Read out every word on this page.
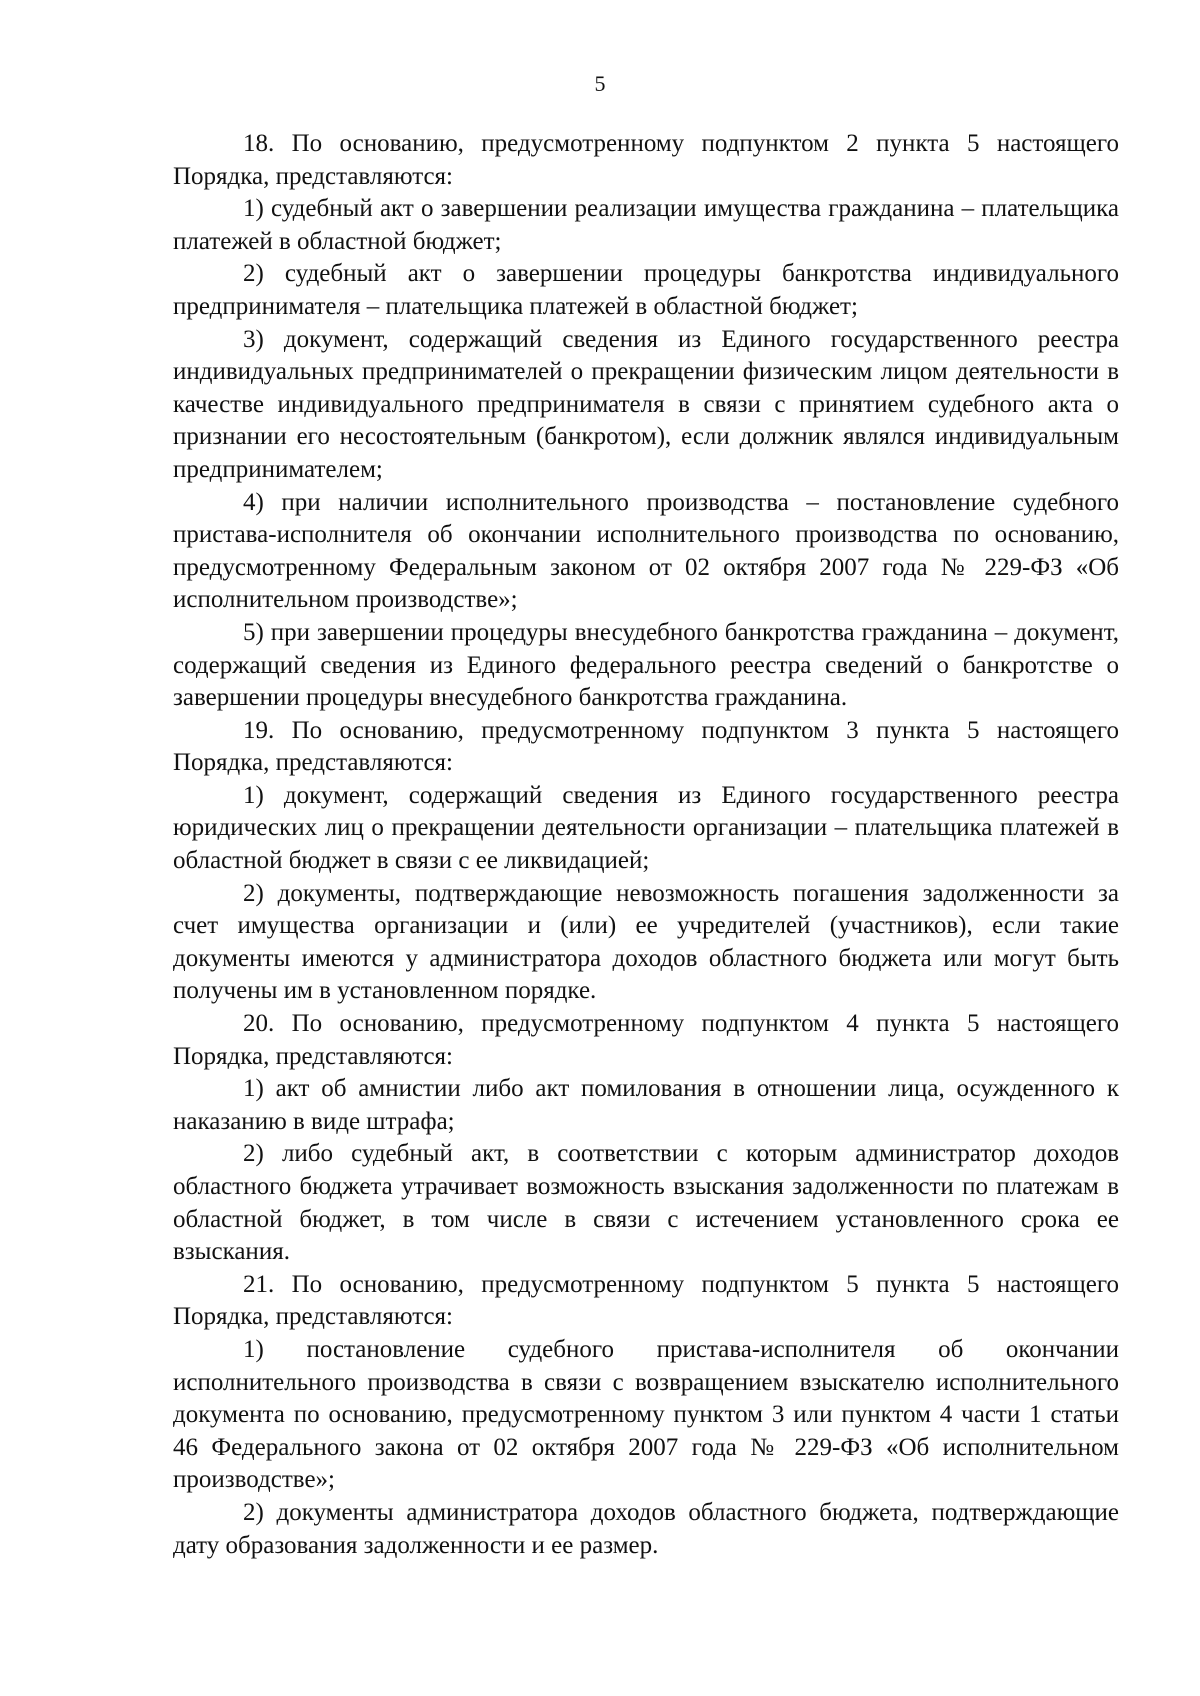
5

18. По основанию, предусмотренному подпунктом 2 пункта 5 настоящего Порядка, представляются:

1) судебный акт о завершении реализации имущества гражданина – плательщика платежей в областной бюджет;

2) судебный акт о завершении процедуры банкротства индивидуального предпринимателя – плательщика платежей в областной бюджет;

3) документ, содержащий сведения из Единого государственного реестра индивидуальных предпринимателей о прекращении физическим лицом деятельности в качестве индивидуального предпринимателя в связи с принятием судебного акта о признании его несостоятельным (банкротом), если должник являлся индивидуальным предпринимателем;

4) при наличии исполнительного производства – постановление судебного пристава-исполнителя об окончании исполнительного производства по основанию, предусмотренному Федеральным законом от 02 октября 2007 года № 229-ФЗ «Об исполнительном производстве»;

5) при завершении процедуры внесудебного банкротства гражданина – документ, содержащий сведения из Единого федерального реестра сведений о банкротстве о завершении процедуры внесудебного банкротства гражданина.

19. По основанию, предусмотренному подпунктом 3 пункта 5 настоящего Порядка, представляются:

1) документ, содержащий сведения из Единого государственного реестра юридических лиц о прекращении деятельности организации – плательщика платежей в областной бюджет в связи с ее ликвидацией;

2) документы, подтверждающие невозможность погашения задолженности за счет имущества организации и (или) ее учредителей (участников), если такие документы имеются у администратора доходов областного бюджета или могут быть получены им в установленном порядке.

20. По основанию, предусмотренному подпунктом 4 пункта 5 настоящего Порядка, представляются:

1) акт об амнистии либо акт помилования в отношении лица, осужденного к наказанию в виде штрафа;

2) либо судебный акт, в соответствии с которым администратор доходов областного бюджета утрачивает возможность взыскания задолженности по платежам в областной бюджет, в том числе в связи с истечением установленного срока ее взыскания.

21. По основанию, предусмотренному подпунктом 5 пункта 5 настоящего Порядка, представляются:

1) постановление судебного пристава-исполнителя об окончании исполнительного производства в связи с возвращением взыскателю исполнительного документа по основанию, предусмотренному пунктом 3 или пунктом 4 части 1 статьи 46 Федерального закона от 02 октября 2007 года № 229-ФЗ «Об исполнительном производстве»;

2) документы администратора доходов областного бюджета, подтверждающие дату образования задолженности и ее размер.
